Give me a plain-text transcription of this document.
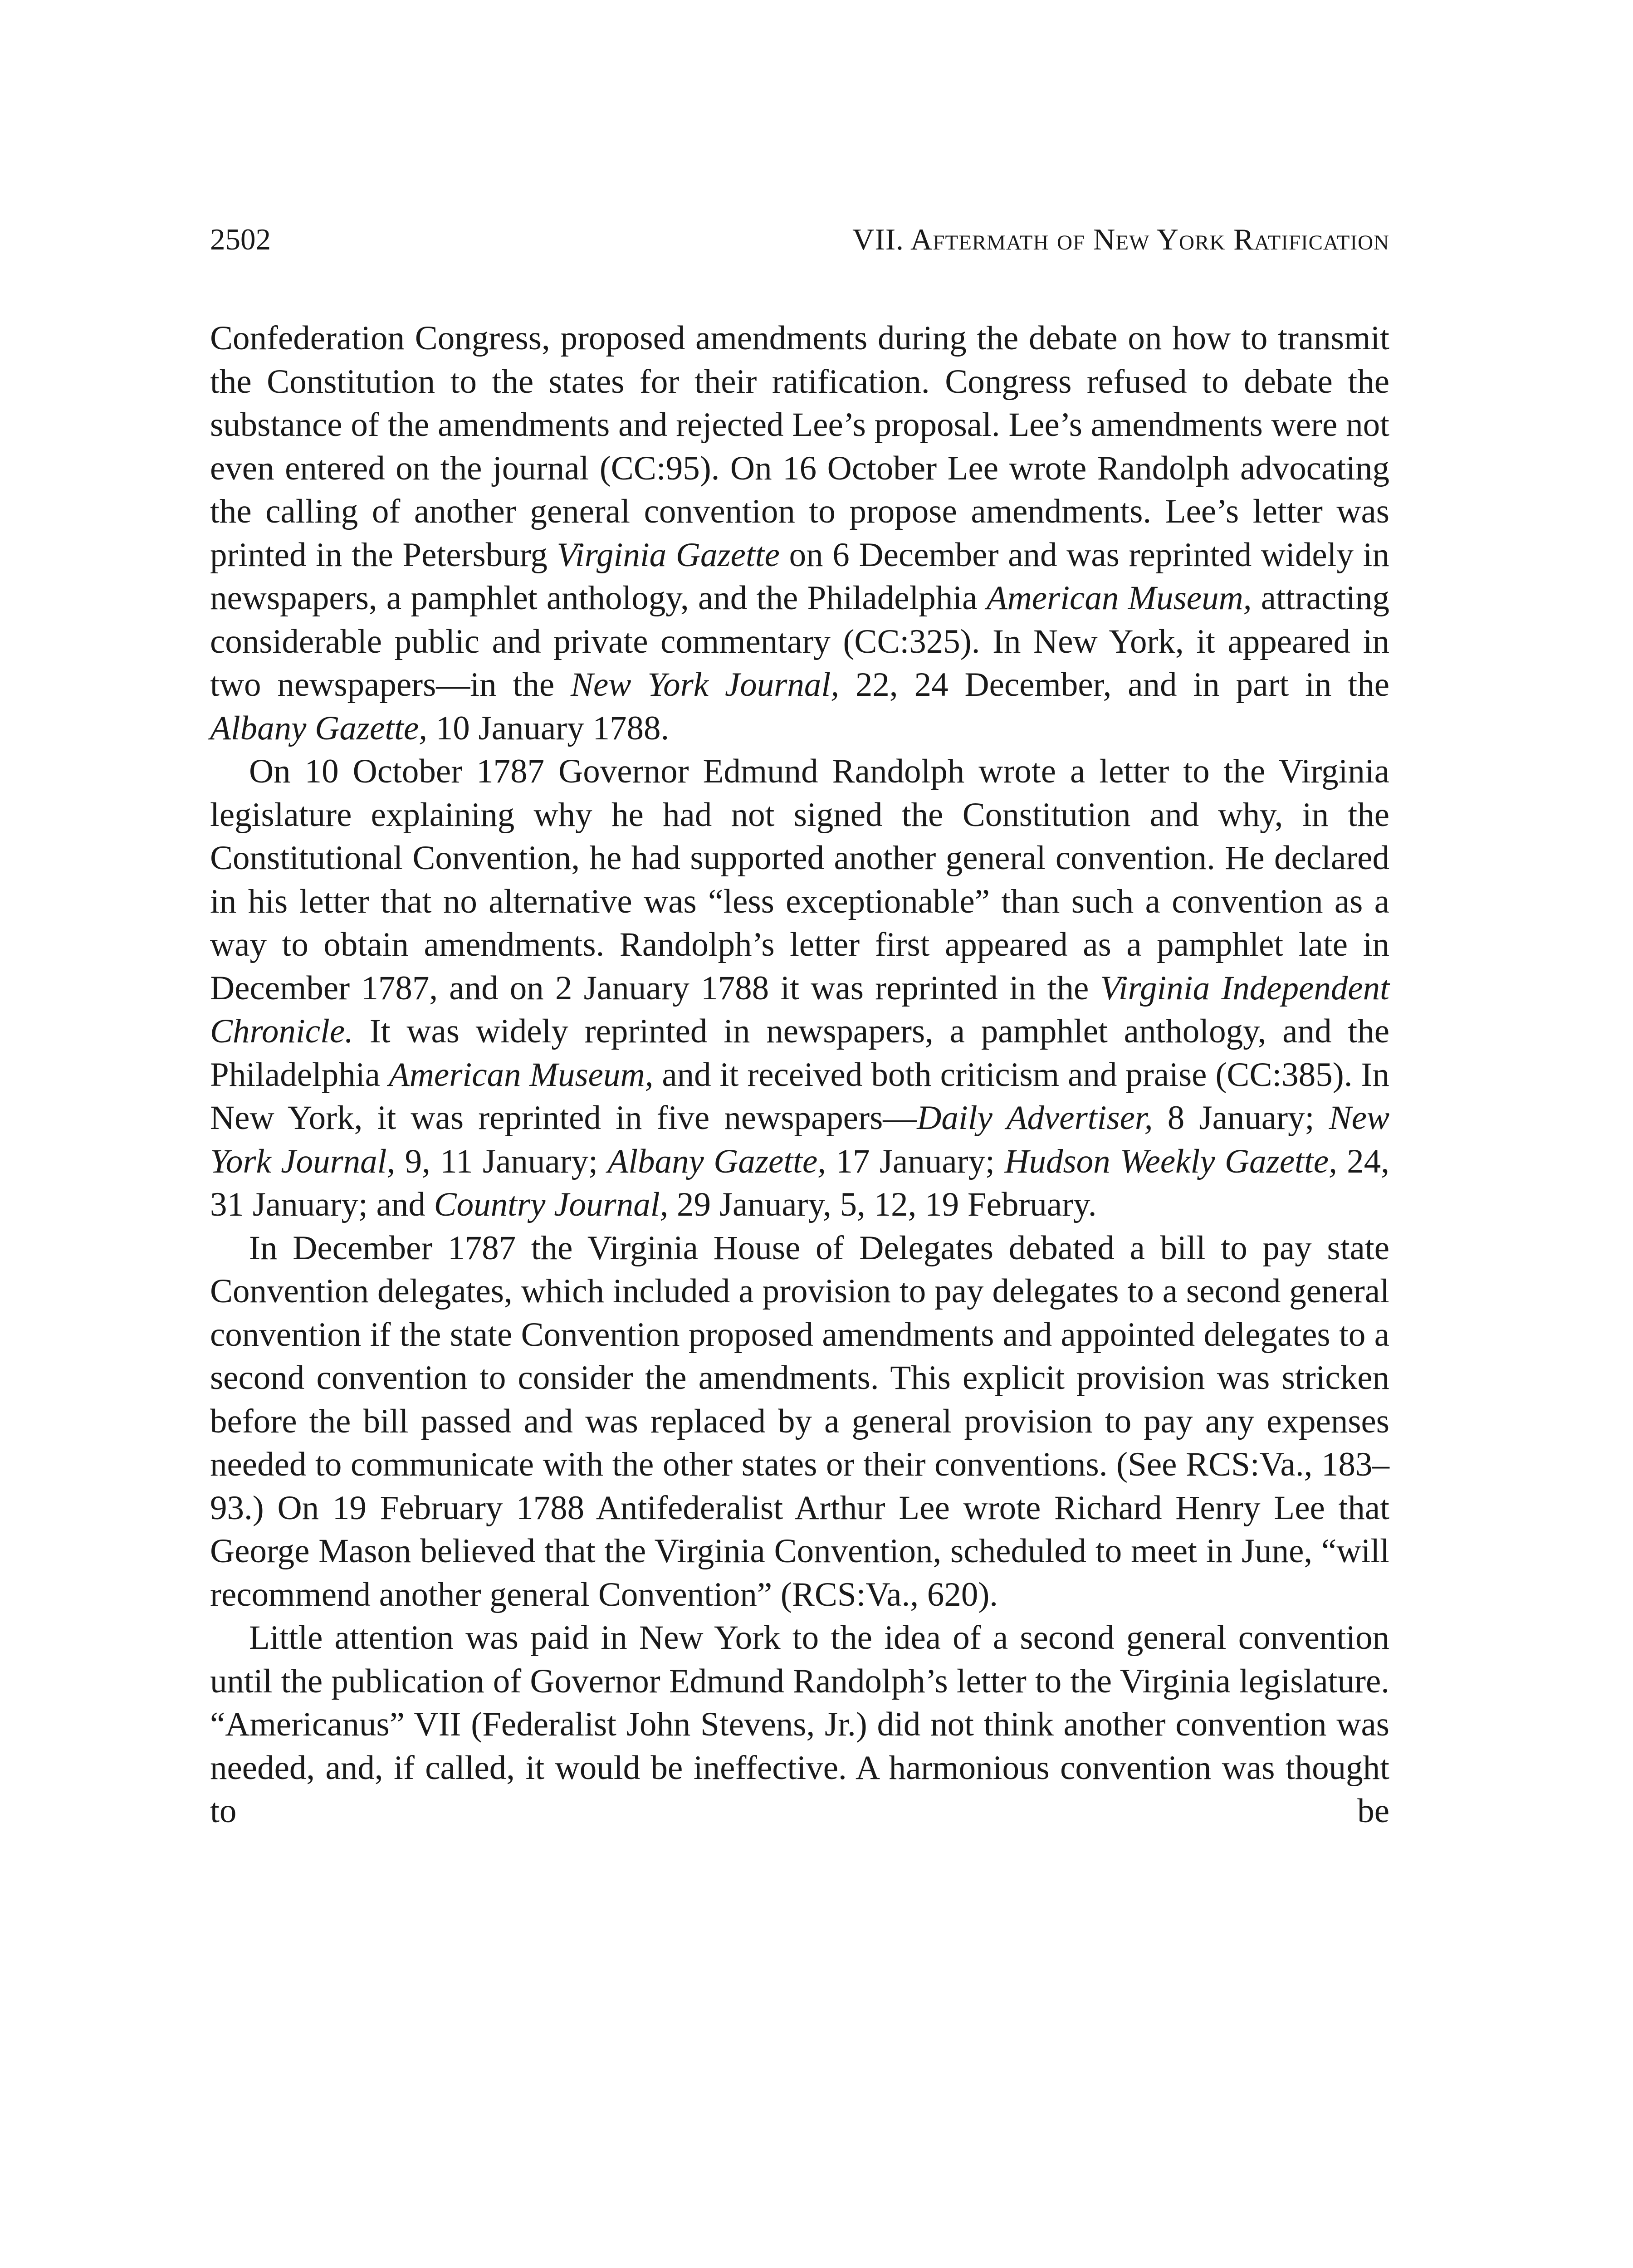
2502	VII. Aftermath of New York Ratification

Confederation Congress, proposed amendments during the debate on how to transmit the Constitution to the states for their ratification. Congress refused to debate the substance of the amendments and rejected Lee’s proposal. Lee’s amendments were not even entered on the journal (CC:95). On 16 October Lee wrote Randolph advocating the calling of another general convention to propose amendments. Lee’s letter was printed in the Petersburg Virginia Gazette on 6 December and was reprinted widely in newspapers, a pamphlet anthology, and the Philadelphia American Museum, attracting considerable public and private commentary (CC:325). In New York, it appeared in two newspapers—in the New York Journal, 22, 24 December, and in part in the Albany Gazette, 10 January 1788.

On 10 October 1787 Governor Edmund Randolph wrote a letter to the Virginia legislature explaining why he had not signed the Constitution and why, in the Constitutional Convention, he had supported another general convention. He declared in his letter that no alternative was “less exceptionable” than such a convention as a way to obtain amendments. Randolph’s letter first appeared as a pamphlet late in December 1787, and on 2 January 1788 it was reprinted in the Virginia Independent Chronicle. It was widely reprinted in newspapers, a pamphlet anthology, and the Philadelphia American Museum, and it received both criticism and praise (CC:385). In New York, it was reprinted in five newspapers—Daily Advertiser, 8 January; New York Journal, 9, 11 January; Albany Gazette, 17 January; Hudson Weekly Gazette, 24, 31 January; and Country Journal, 29 January, 5, 12, 19 February.

In December 1787 the Virginia House of Delegates debated a bill to pay state Convention delegates, which included a provision to pay delegates to a second general convention if the state Convention proposed amendments and appointed delegates to a second convention to consider the amendments. This explicit provision was stricken before the bill passed and was replaced by a general provision to pay any expenses needed to communicate with the other states or their conventions. (See RCS:Va., 183–93.) On 19 February 1788 Antifederalist Arthur Lee wrote Richard Henry Lee that George Mason believed that the Virginia Convention, scheduled to meet in June, “will recommend another general Convention” (RCS:Va., 620).

Little attention was paid in New York to the idea of a second general convention until the publication of Governor Edmund Randolph’s letter to the Virginia legislature. “Americanus” VII (Federalist John Stevens, Jr.) did not think another convention was needed, and, if called, it would be ineffective. A harmonious convention was thought to be
